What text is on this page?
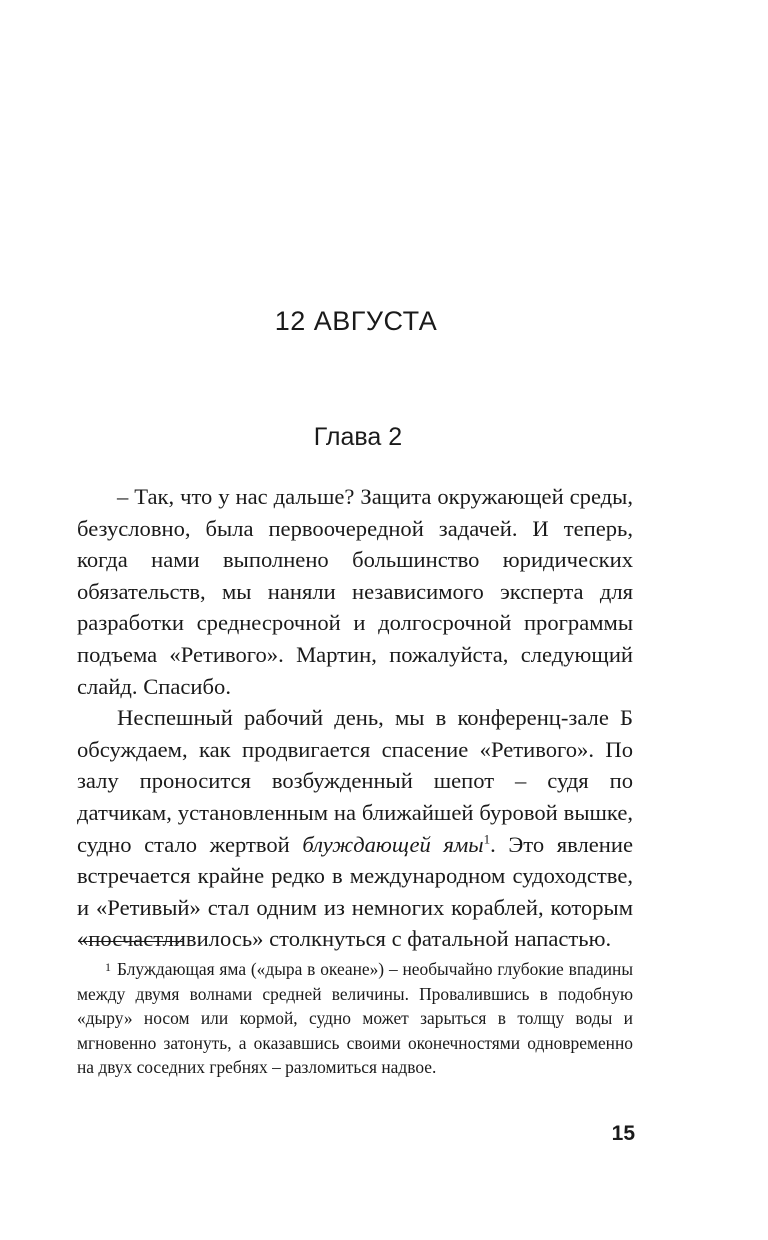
12 АВГУСТА
Глава 2

– Так, что у нас дальше? Защита окружающей среды, безусловно, была первоочередной задачей. И теперь, когда нами выполнено большинство юридических обязательств, мы наняли независимого эксперта для разработки среднесрочной и долгосрочной программы подъема «Ретивого». Мартин, пожалуйста, следующий слайд. Спасибо.

Неспешный рабочий день, мы в конференц-зале Б обсуждаем, как продвигается спасение «Ретивого». По залу проносится возбужденный шепот – судя по датчикам, установленным на ближайшей буровой вышке, судно стало жертвой блуждающей ямы$^1$. Это явление встречается крайне редко в международном судоходстве, и «Ретивый» стал одним из немногих кораблей, которым «посчастливилось» столкнуться с фатальной напастью.

$^1$ Блуждающая яма («дыра в океане») – необычайно глубокие впадины между двумя волнами средней величины. Провалившись в подобную «дыру» носом или кормой, судно может зарыться в толщу воды и мгновенно затонуть, а оказавшись своими оконечностями одновременно на двух соседних гребнях – разломиться надвое.

15
